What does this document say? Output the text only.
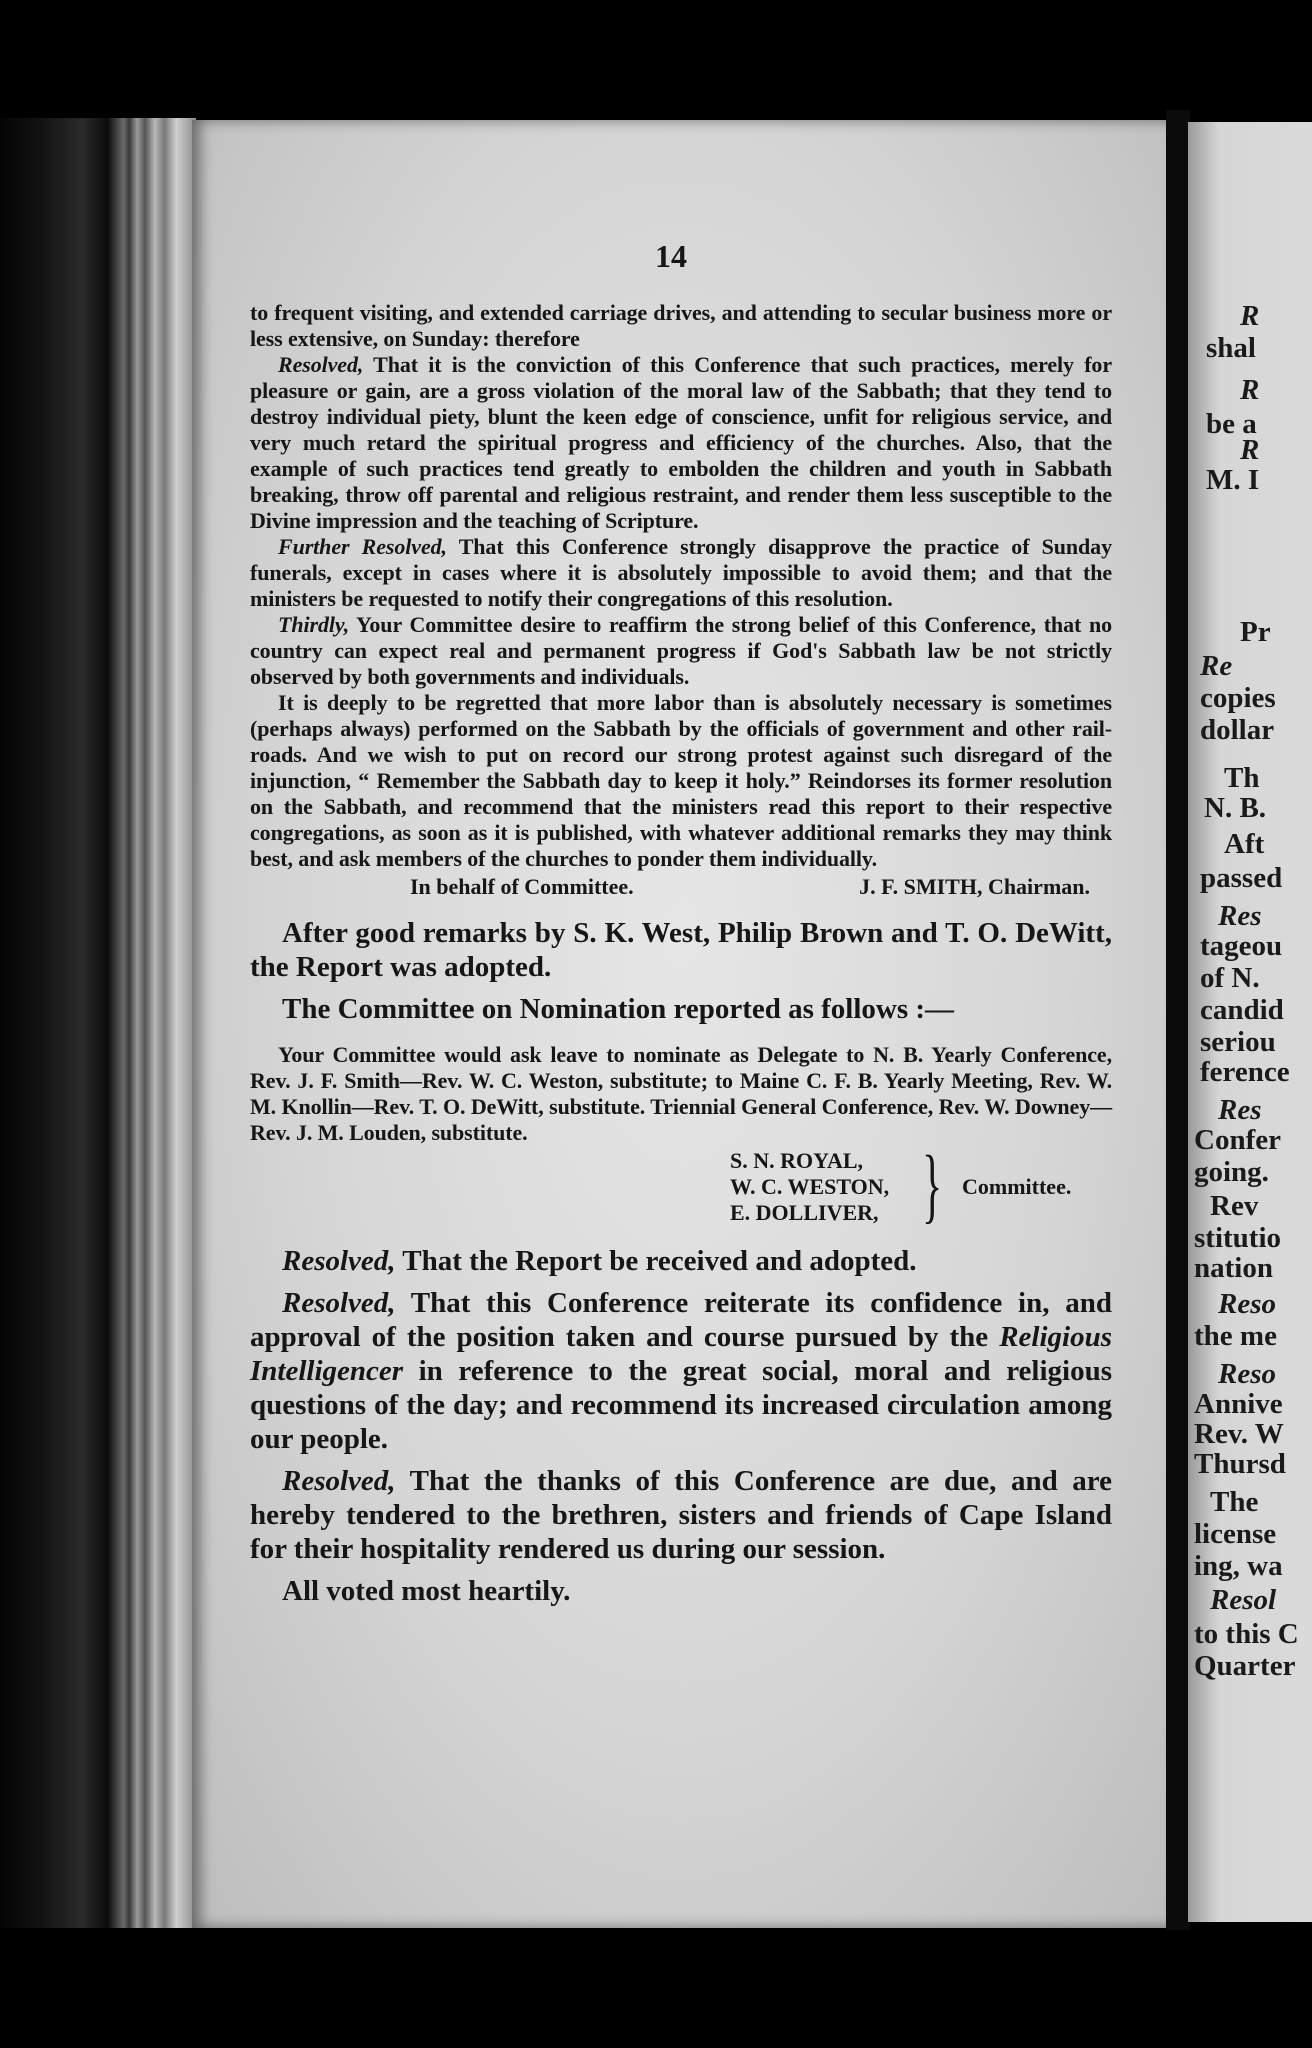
14

to frequent visiting, and extended carriage drives, and attending to secular business more or less extensive, on Sunday: therefore

Resolved, That it is the conviction of this Conference that such practices, merely for pleasure or gain, are a gross violation of the moral law of the Sabbath; that they tend to destroy individual piety, blunt the keen edge of conscience, unfit for religious service, and very much retard the spiritual progress and efficiency of the churches. Also, that the example of such practices tend greatly to embolden the children and youth in Sabbath breaking, throw off parental and religious restraint, and render them less susceptible to the Divine impression and the teaching of Scripture.

Further Resolved, That this Conference strongly disapprove the practice of Sunday funerals, except in cases where it is absolutely impossible to avoid them; and that the ministers be requested to notify their congregations of this resolution.

Thirdly, Your Committee desire to reaffirm the strong belief of this Conference, that no country can expect real and permanent progress if God's Sabbath law be not strictly observed by both governments and individuals.

It is deeply to be regretted that more labor than is absolutely necessary is sometimes (perhaps always) performed on the Sabbath by the officials of government and other rail-roads. And we wish to put on record our strong protest against such disregard of the injunction, “ Remember the Sabbath day to keep it holy.” Reindorses its former resolution on the Sabbath, and recommend that the ministers read this report to their respective congregations, as soon as it is published, with whatever additional remarks they may think best, and ask members of the churches to ponder them individually.

In behalf of Committee.	J. F. SMITH, Chairman.

After good remarks by S. K. West, Philip Brown and T. O. DeWitt, the Report was adopted.

The Committee on Nomination reported as follows :—

Your Committee would ask leave to nominate as Delegate to N. B. Yearly Conference, Rev. J. F. Smith—Rev. W. C. Weston, substitute; to Maine C. F. B. Yearly Meeting, Rev. W. M. Knollin—Rev. T. O. DeWitt, substitute. Triennial General Conference, Rev. W. Downey—Rev. J. M. Louden, substitute.

S. N. ROYAL,
W. C. WESTON,
E. DOLLIVER, } Committee.

Resolved, That the Report be received and adopted.

Resolved, That this Conference reiterate its confidence in, and approval of the position taken and course pursued by the Religious Intelligencer in reference to the great social, moral and religious questions of the day; and recommend its increased circulation among our people.

Resolved, That the thanks of this Conference are due, and are hereby tendered to the brethren, sisters and friends of Cape Island for their hospitality rendered us during our session.

All voted most heartily.

R
shal
R
be a
R
M. I
Pr
Re
copies
dollar
Th
N. B.
Aft
passed
Res
tageou
of N.
candid
seriou
ference
Res
Confer
going.
Rev
stitutio
nation
Reso
the me
Reso
Annive
Rev. W
Thursd
The
license
ing, wa
Resol
to this C
Quarter
